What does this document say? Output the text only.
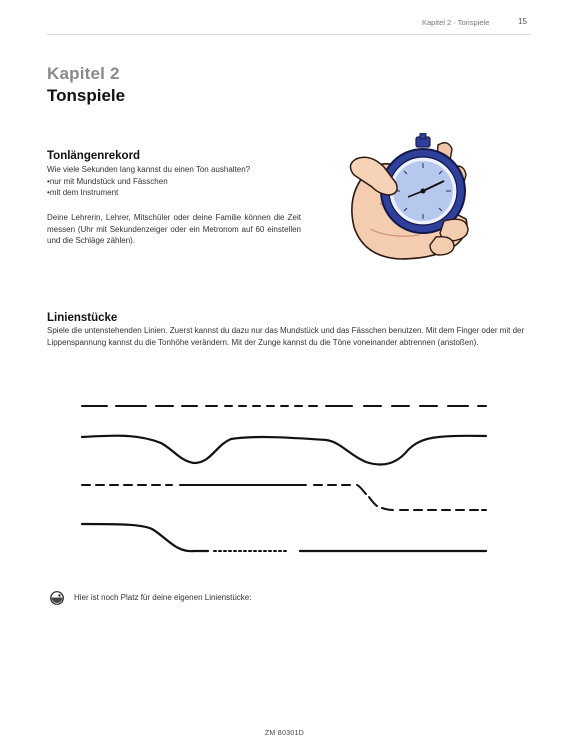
Kapitel 2 · Tonspiele	15
Kapitel 2
Tonspiele
Tonlängenrekord

Wie viele Sekunden lang kannst du einen Ton aushalten?

• nur mit Mundstück und Fässchen
• mit dem Instrument

Deine Lehrerin, Lehrer, Mitschüler oder deine Familie können die Zeit messen (Uhr mit Sekundenzeiger oder ein Metronom auf 60 einstellen und die Schläge zählen).

Linienstücke

Spiele die untenstehenden Linien. Zuerst kannst du dazu nur das Mundstück und das Fässchen benutzen. Mit dem Finger oder mit der Lippenspannung kannst du die Tonhöhe verändern. Mit der Zunge kannst du die Töne voneinander abtrennen (anstoßen).

Hier ist noch Platz für deine eigenen Linienstücke:
ZM 80301D
